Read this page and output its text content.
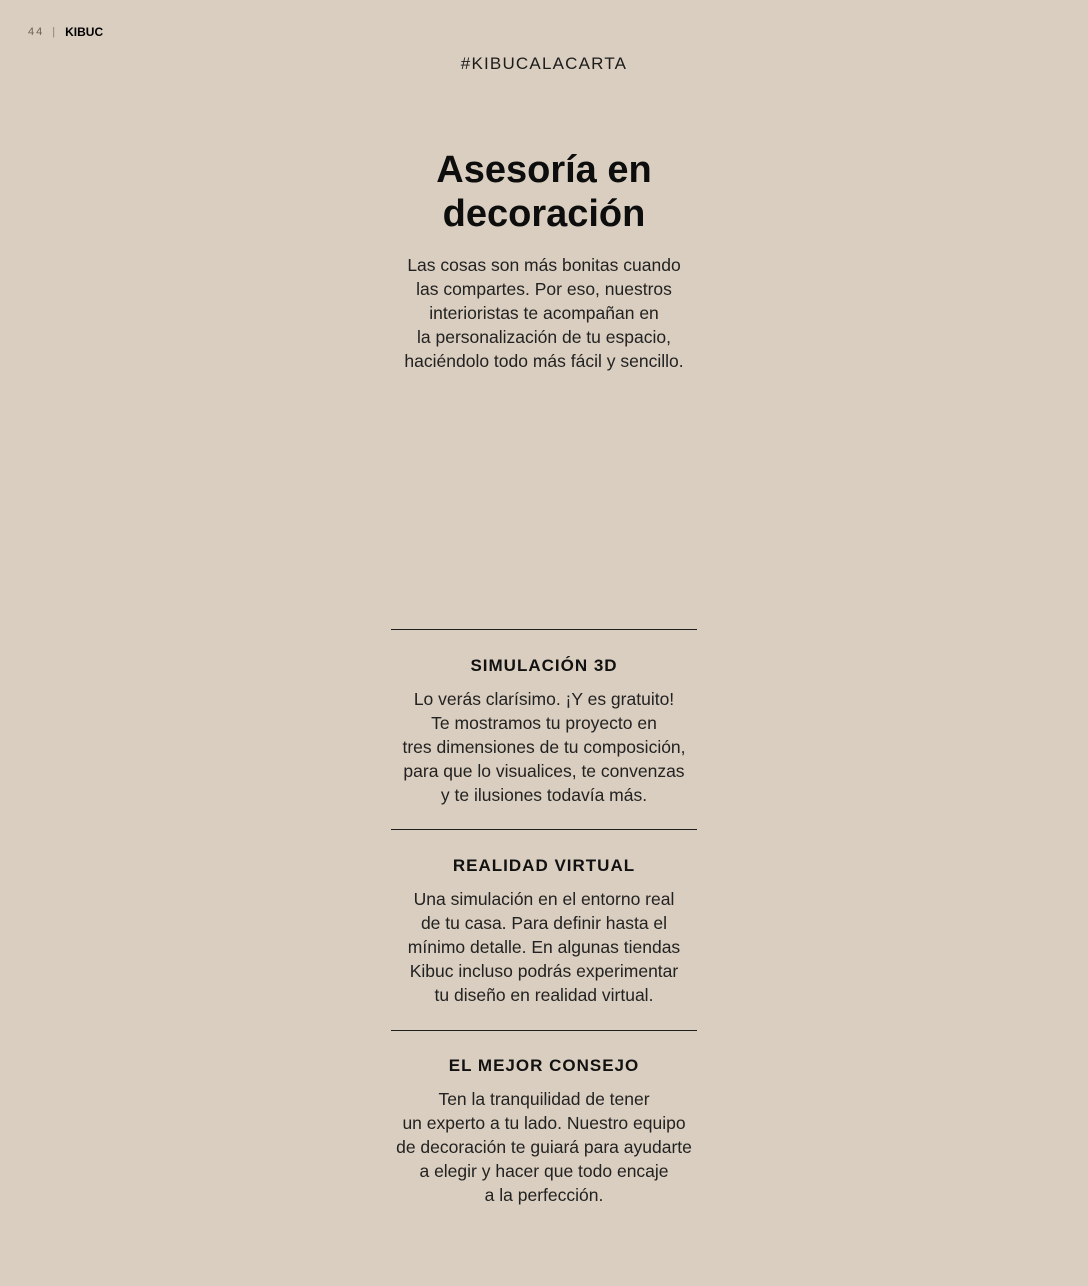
44 | KIBUC
#KIBUCALACARTA
Asesoría en
decoración

Las cosas son más bonitas cuando
las compartes. Por eso, nuestros
interioristas te acompañan en
la personalización de tu espacio,
haciéndolo todo más fácil y sencillo.

SIMULACIÓN 3D

Lo verás clarísimo. ¡Y es gratuito!
Te mostramos tu proyecto en
tres dimensiones de tu composición,
para que lo visualices, te convenzas
y te ilusiones todavía más.

REALIDAD VIRTUAL

Una simulación en el entorno real
de tu casa. Para definir hasta el
mínimo detalle. En algunas tiendas
Kibuc incluso podrás experimentar
tu diseño en realidad virtual.

EL MEJOR CONSEJO

Ten la tranquilidad de tener
un experto a tu lado. Nuestro equipo
de decoración te guiará para ayudarte
a elegir y hacer que todo encaje
a la perfección.
